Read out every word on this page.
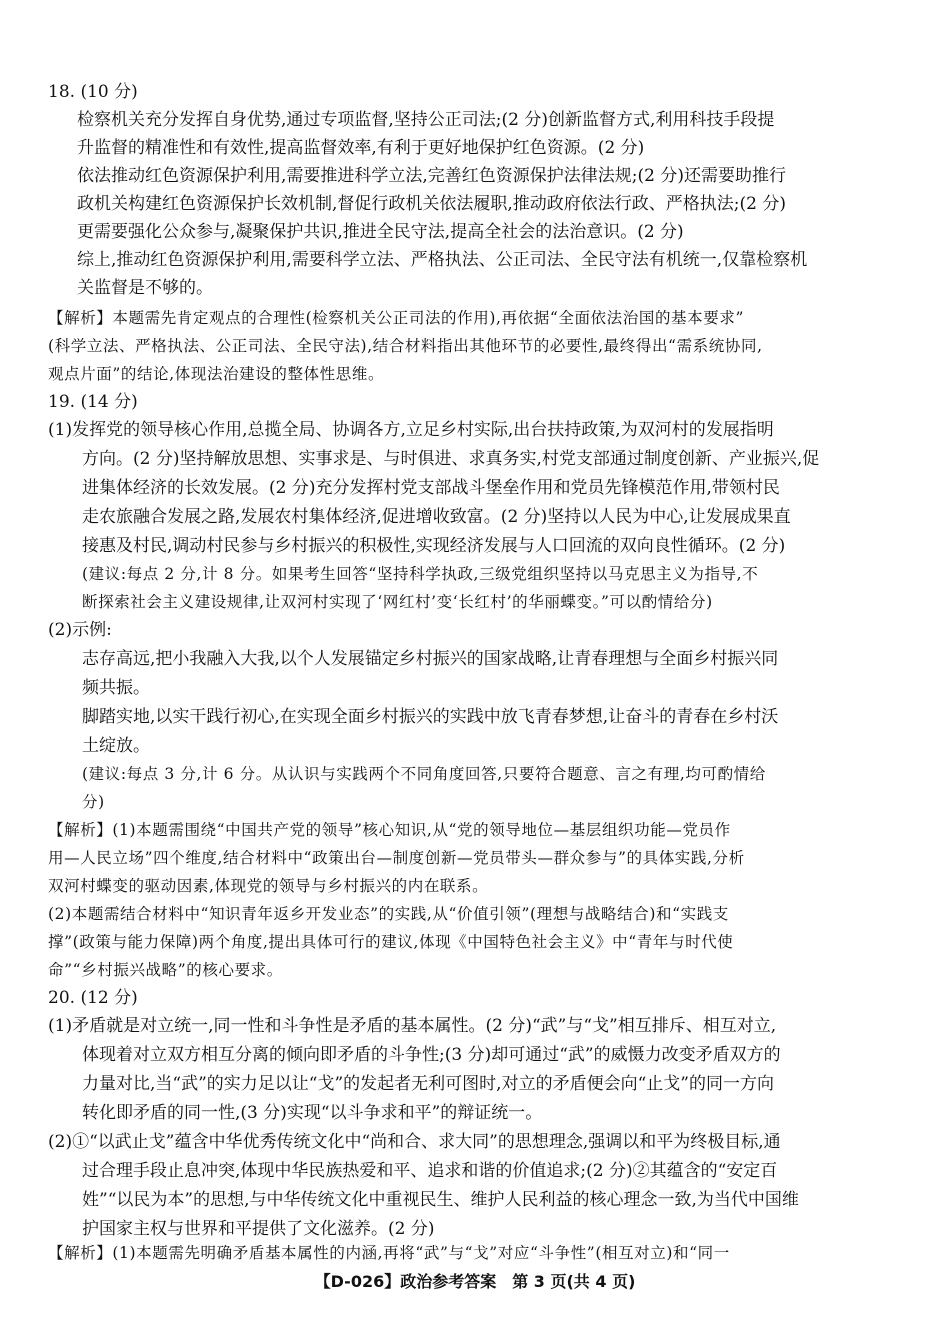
18. (10 分)
检察机关充分发挥自身优势,通过专项监督,坚持公正司法;(2 分)创新监督方式,利用科技手段提
升监督的精准性和有效性,提高监督效率,有利于更好地保护红色资源。(2 分)
依法推动红色资源保护利用,需要推进科学立法,完善红色资源保护法律法规;(2 分)还需要助推行
政机关构建红色资源保护长效机制,督促行政机关依法履职,推动政府依法行政、严格执法;(2 分)
更需要强化公众参与,凝聚保护共识,推进全民守法,提高全社会的法治意识。(2 分)
综上,推动红色资源保护利用,需要科学立法、严格执法、公正司法、全民守法有机统一,仅靠检察机
关监督是不够的。
【解析】本题需先肯定观点的合理性(检察机关公正司法的作用),再依据“全面依法治国的基本要求”
(科学立法、严格执法、公正司法、全民守法),结合材料指出其他环节的必要性,最终得出“需系统协同,
观点片面”的结论,体现法治建设的整体性思维。
19. (14 分)
(1)发挥党的领导核心作用,总揽全局、协调各方,立足乡村实际,出台扶持政策,为双河村的发展指明
方向。(2 分)坚持解放思想、实事求是、与时俱进、求真务实,村党支部通过制度创新、产业振兴,促
进集体经济的长效发展。(2 分)充分发挥村党支部战斗堡垒作用和党员先锋模范作用,带领村民
走农旅融合发展之路,发展农村集体经济,促进增收致富。(2 分)坚持以人民为中心,让发展成果直
接惠及村民,调动村民参与乡村振兴的积极性,实现经济发展与人口回流的双向良性循环。(2 分)
(建议:每点 2 分,计 8 分。如果考生回答“坚持科学执政,三级党组织坚持以马克思主义为指导,不
断探索社会主义建设规律,让双河村实现了‘网红村’变‘长红村’的华丽蝶变。”可以酌情给分)
(2)示例:
志存高远,把小我融入大我,以个人发展锚定乡村振兴的国家战略,让青春理想与全面乡村振兴同
频共振。
脚踏实地,以实干践行初心,在实现全面乡村振兴的实践中放飞青春梦想,让奋斗的青春在乡村沃
土绽放。
(建议:每点 3 分,计 6 分。从认识与实践两个不同角度回答,只要符合题意、言之有理,均可酌情给
分)
【解析】(1)本题需围绕“中国共产党的领导”核心知识,从“党的领导地位—基层组织功能—党员作
用—人民立场”四个维度,结合材料中“政策出台—制度创新—党员带头—群众参与”的具体实践,分析
双河村蝶变的驱动因素,体现党的领导与乡村振兴的内在联系。
(2)本题需结合材料中“知识青年返乡开发业态”的实践,从“价值引领”(理想与战略结合)和“实践支
撑”(政策与能力保障)两个角度,提出具体可行的建议,体现《中国特色社会主义》中“青年与时代使
命”“乡村振兴战略”的核心要求。
20. (12 分)
(1)矛盾就是对立统一,同一性和斗争性是矛盾的基本属性。(2 分)“武”与“戈”相互排斥、相互对立,
体现着对立双方相互分离的倾向即矛盾的斗争性;(3 分)却可通过“武”的威慑力改变矛盾双方的
力量对比,当“武”的实力足以让“戈”的发起者无利可图时,对立的矛盾便会向“止戈”的同一方向
转化即矛盾的同一性,(3 分)实现“以斗争求和平”的辩证统一。
(2)①“以武止戈”蕴含中华优秀传统文化中“尚和合、求大同”的思想理念,强调以和平为终极目标,通
过合理手段止息冲突,体现中华民族热爱和平、追求和谐的价值追求;(2 分)②其蕴含的“安定百
姓”“以民为本”的思想,与中华传统文化中重视民生、维护人民利益的核心理念一致,为当代中国维
护国家主权与世界和平提供了文化滋养。(2 分)
【解析】(1)本题需先明确矛盾基本属性的内涵,再将“武”与“戈”对应“斗争性”(相互对立)和“同一
【D-026】政治参考答案　第 3 页(共 4 页)
